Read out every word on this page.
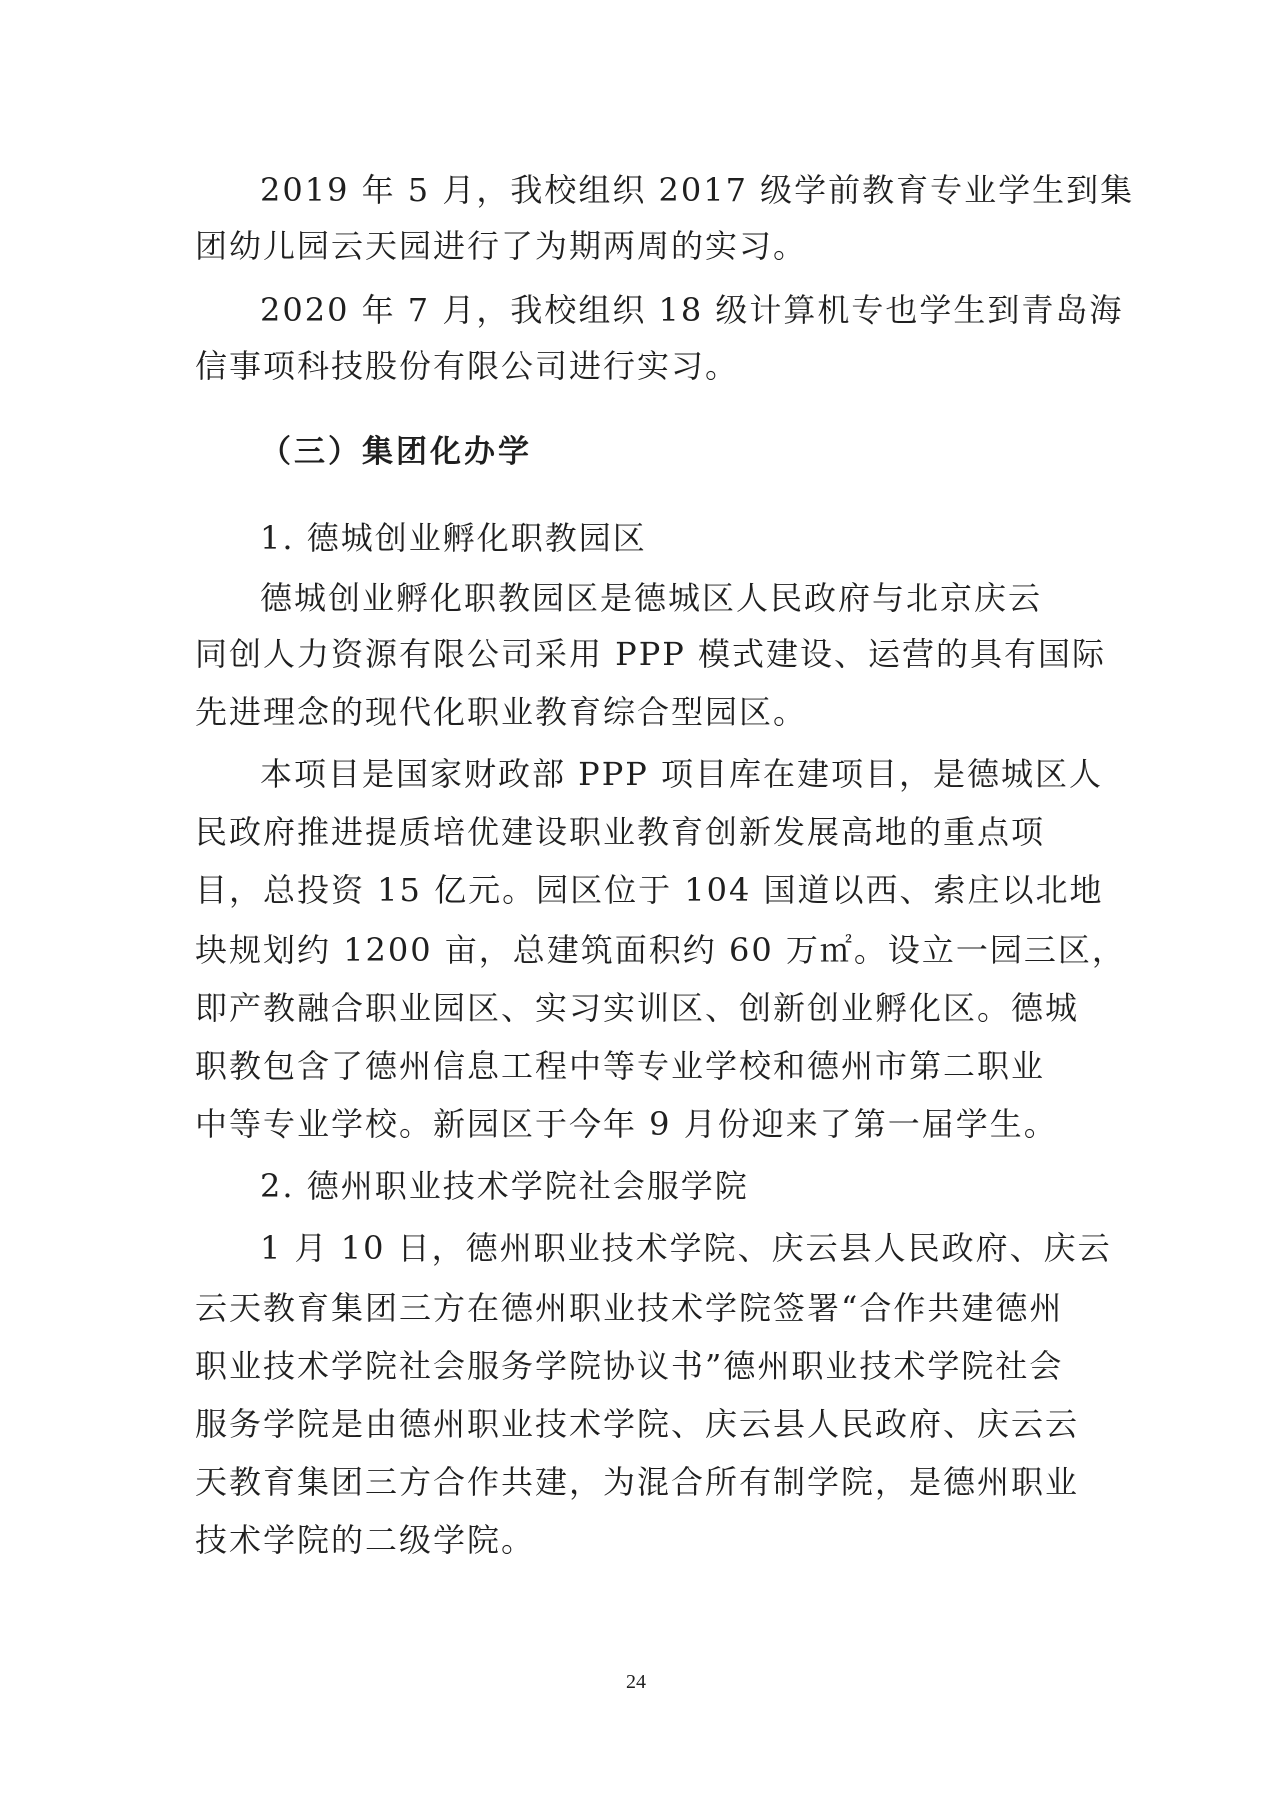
2019 年 5 月，我校组织 2017 级学前教育专业学生到集
团幼儿园云天园进行了为期两周的实习。
2020 年 7 月，我校组织 18 级计算机专也学生到青岛海
信事项科技股份有限公司进行实习。
（三）集团化办学
1. 德城创业孵化职教园区
德城创业孵化职教园区是德城区人民政府与北京庆云
同创人力资源有限公司采用 PPP 模式建设、运营的具有国际
先进理念的现代化职业教育综合型园区。
本项目是国家财政部 PPP 项目库在建项目，是德城区人
民政府推进提质培优建设职业教育创新发展高地的重点项
目，总投资 15 亿元。园区位于 104 国道以西、索庄以北地
块规划约 1200 亩，总建筑面积约 60 万㎡。设立一园三区，
即产教融合职业园区、实习实训区、创新创业孵化区。德城
职教包含了德州信息工程中等专业学校和德州市第二职业
中等专业学校。新园区于今年 9 月份迎来了第一届学生。
2. 德州职业技术学院社会服学院
1 月 10 日，德州职业技术学院、庆云县人民政府、庆云
云天教育集团三方在德州职业技术学院签署“合作共建德州
职业技术学院社会服务学院协议书”德州职业技术学院社会
服务学院是由德州职业技术学院、庆云县人民政府、庆云云
天教育集团三方合作共建，为混合所有制学院，是德州职业
技术学院的二级学院。
24
